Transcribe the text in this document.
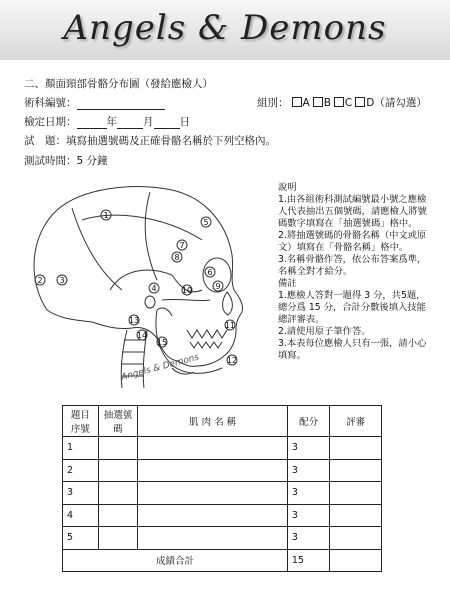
Angels & Demons
二、顏面頸部骨骼分布圖（發給應檢人）
術科編號：	組別： A B C D（請勾選）
檢定日期：	年 月 日
試　題：填寫抽選號碼及正確骨骼名稱於下列空格內。
測試時間：5 分鐘
1
2 3
4
5
6
7
8
9
10
11
12
13
14
15
Angels & Demons

說明

1.由各組術科測試編號最小號之應檢人代表抽出五個號碼，請應檢人將號碼數字填寫在「抽選號碼」格中。

2.將抽選號碼的骨骼名稱（中文或原文）填寫在「骨骼名稱」格中。

3.名稱骨骼作答，依公布答案爲準，名稱全對才給分。

備註

1.應檢人答對一題得 3 分，共5題，總分爲 15 分，合計分數後填入技能總評審表。

2.請使用原子筆作答。

3.本表每位應檢人只有一張，請小心填寫。

題目序號	抽選號碼	肌 肉 名 稱	配分	評審
1			3	
2			3	
3			3	
4			3	
5			3	
成績合計			15	
